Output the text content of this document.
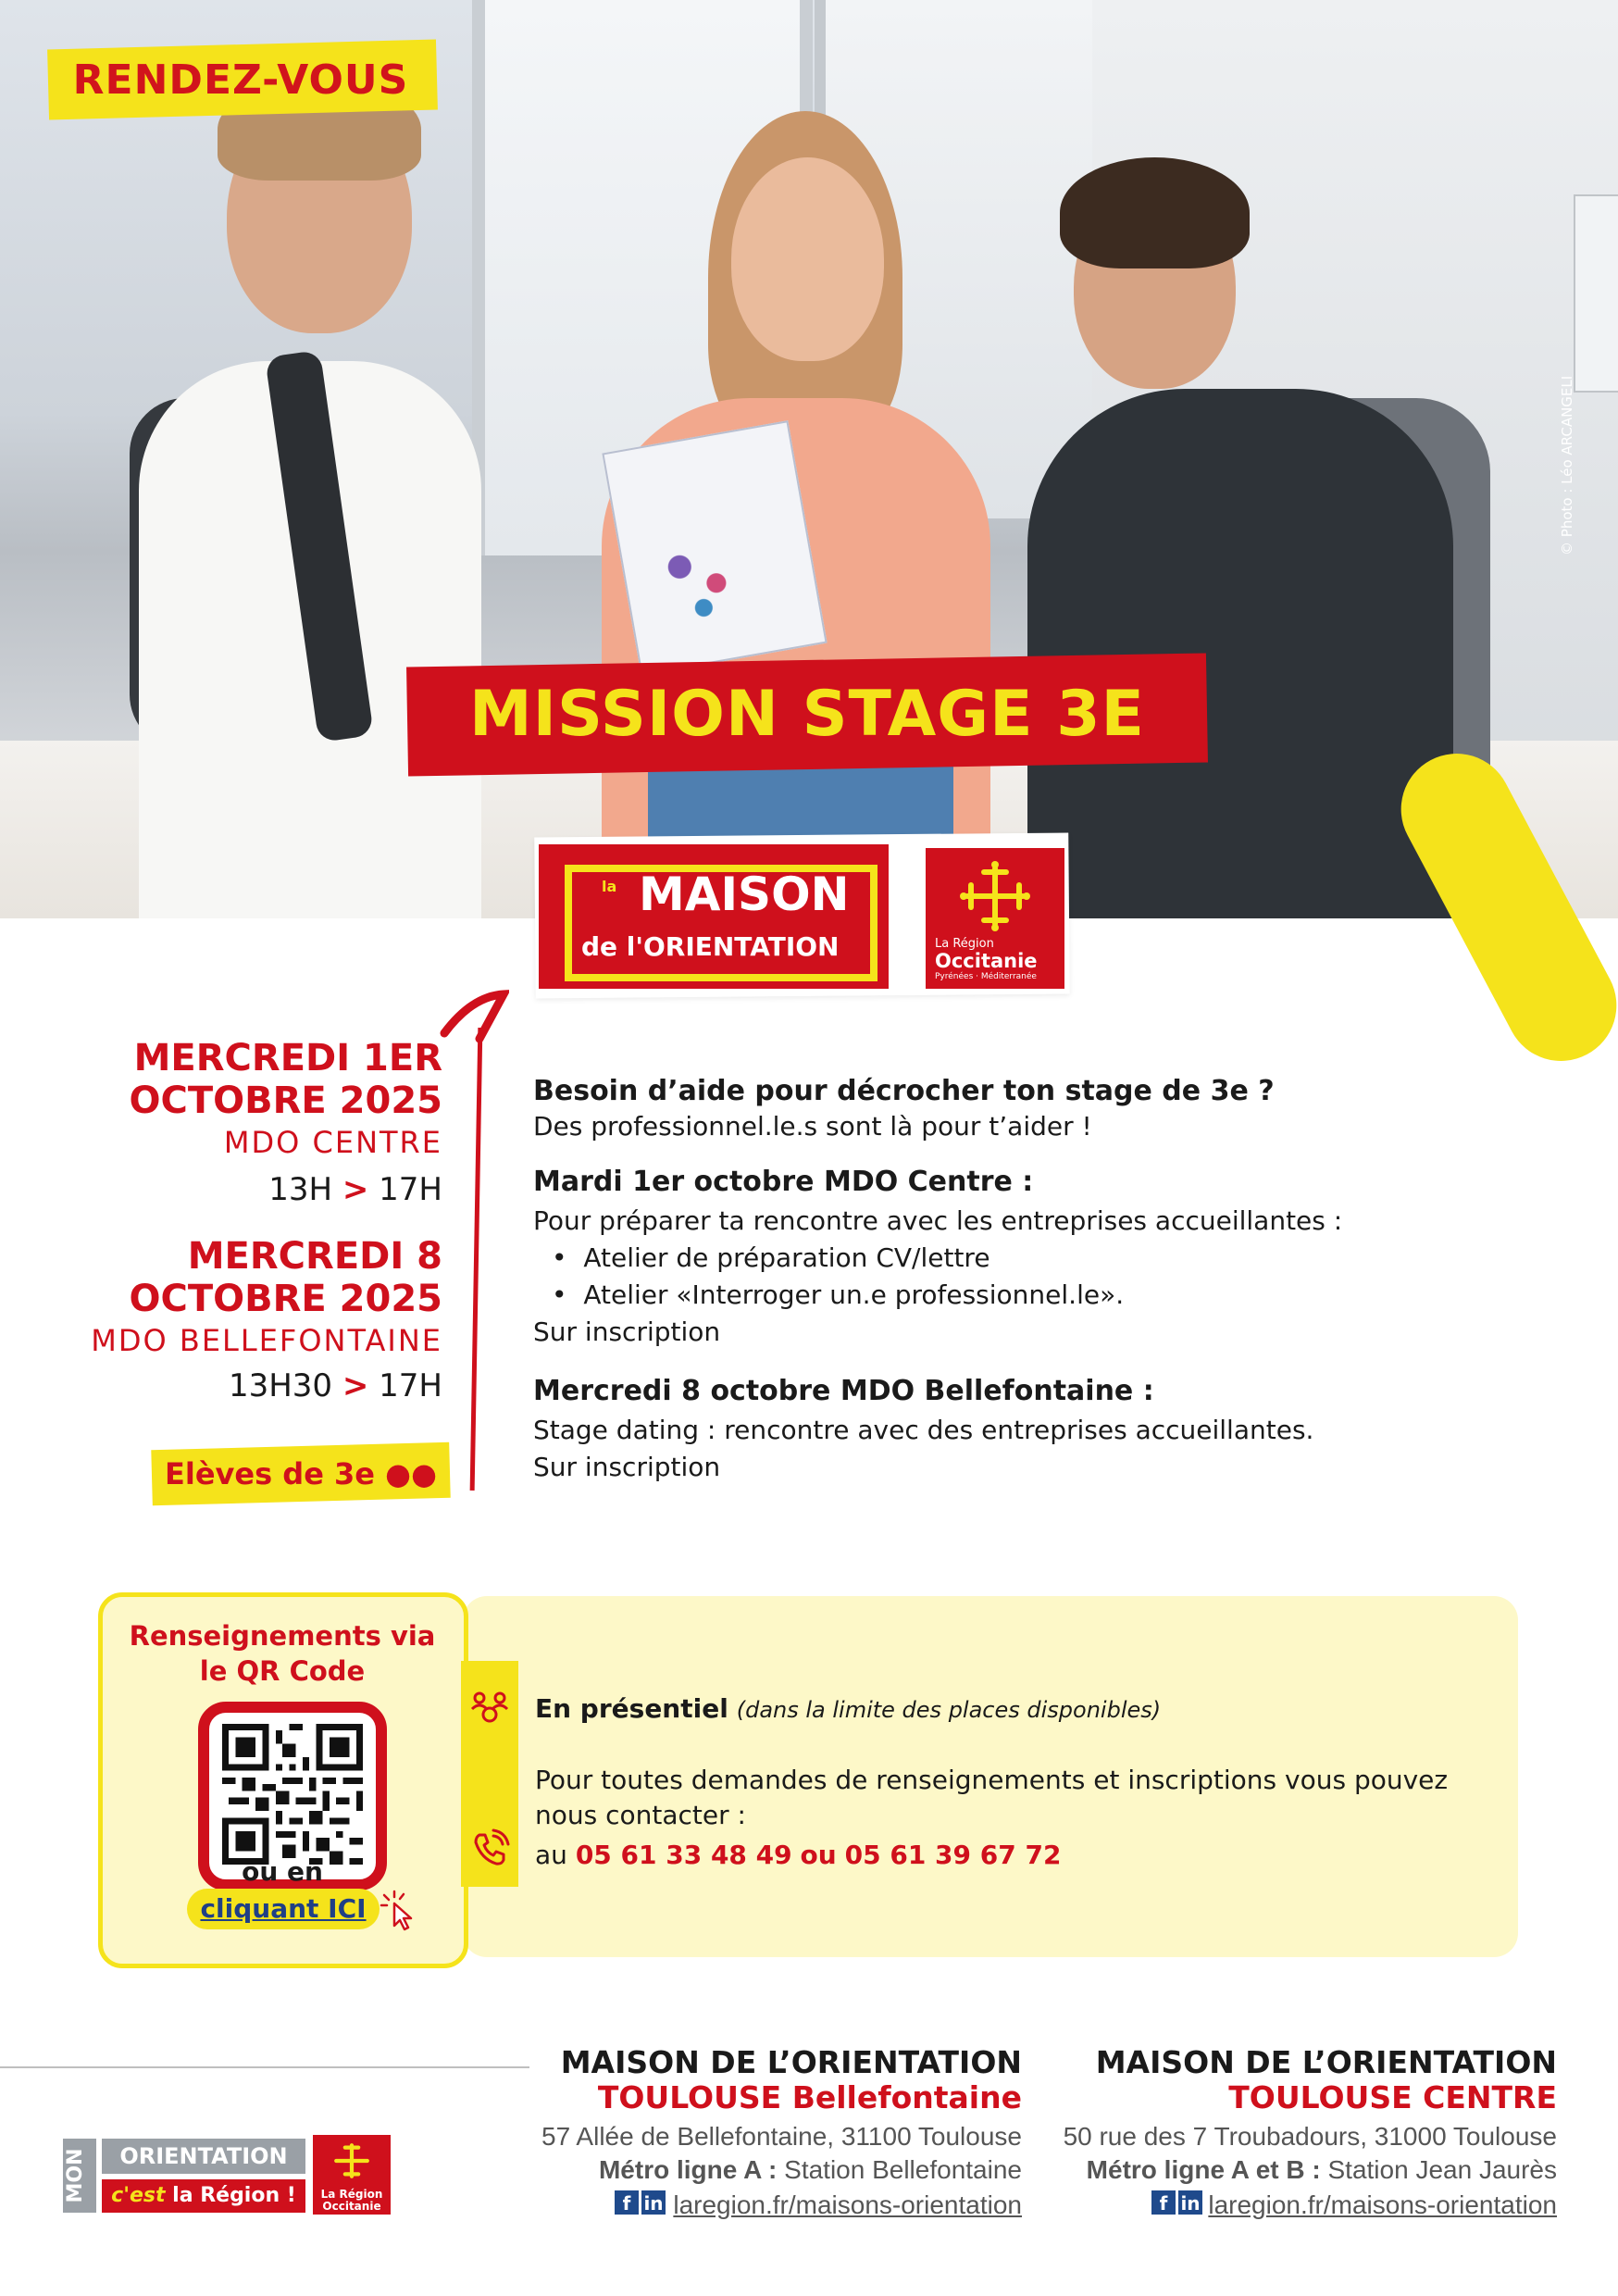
© Photo : Léo ARCANGELI
RENDEZ-VOUS
MISSION STAGE 3E
la MAISON
de l'ORIENTATION	La Région
Occitanie
Pyrénées · Méditerranée
MERCREDI 1ER
OCTOBRE 2025
MDO CENTRE
13H > 17H
MERCREDI 8
OCTOBRE 2025
MDO BELLEFONTAINE
13H30 > 17H
Elèves de 3e ●●
Besoin d’aide pour décrocher ton stage de 3e ?
Des professionnel.le.s sont là pour t’aider !
Mardi 1er octobre MDO Centre :
Pour préparer ta rencontre avec les entreprises accueillantes :
•  Atelier de préparation CV/lettre
•  Atelier «Interroger un.e professionnel.le».
Sur inscription
Mercredi 8 octobre MDO Bellefontaine :
Stage dating : rencontre avec des entreprises accueillantes.
Sur inscription
Renseignements via le QR Code
ou en
cliquant ICI
En présentiel (dans la limite des places disponibles)
Pour toutes demandes de renseignements et inscriptions vous pouvez nous contacter :
au 05 61 33 48 49 ou 05 61 39 67 72
MON	ORIENTATION
c'est la Région !	La Région Occitanie
MAISON DE L’ORIENTATION
TOULOUSE Bellefontaine
57 Allée de Bellefontaine, 31100 Toulouse
Métro ligne A : Station Bellefontaine
f in laregion.fr/maisons-orientation
MAISON DE L’ORIENTATION
TOULOUSE CENTRE
50 rue des 7 Troubadours, 31000 Toulouse
Métro ligne A et B : Station Jean Jaurès
f in laregion.fr/maisons-orientation
